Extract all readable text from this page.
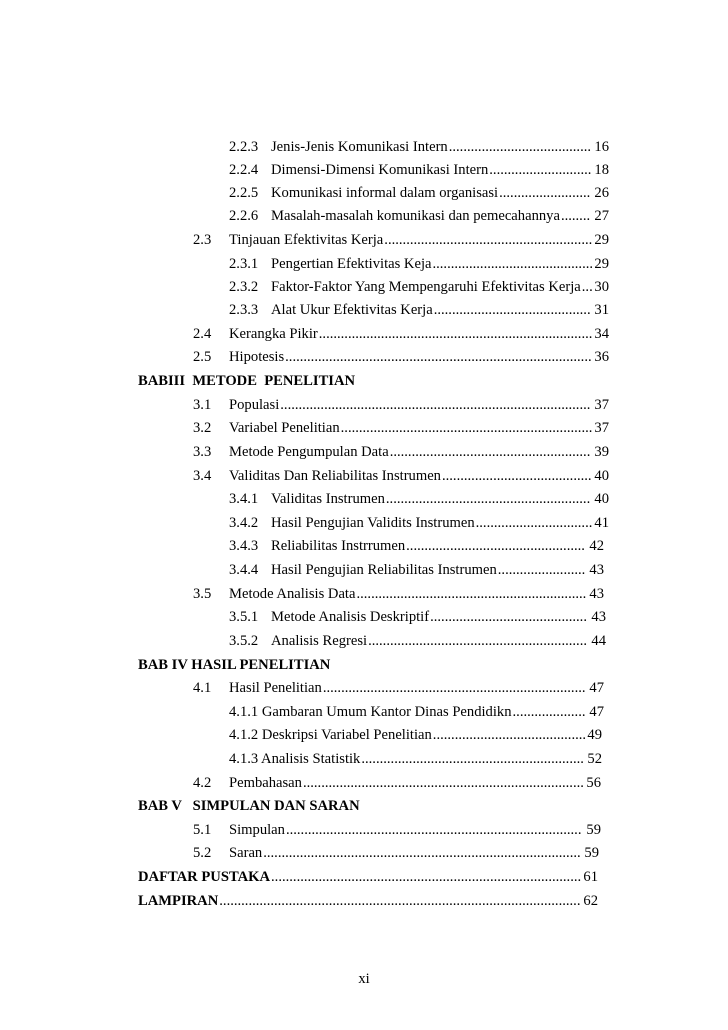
2.2.3 Jenis-Jenis Komunikasi Intern	16
.......................................
2.2.4 Dimensi-Dimensi Komunikasi Intern	18
............................
2.2.5 Komunikasi informal dalam organisasi	26
.........................
2.2.6 Masalah-masalah komunikasi dan pemecahannya 27
........
2.3 Tinjauan Efektivitas Kerja	29
.........................................................
2.3.1 Pengertian Efektivitas Keja	29
............................................
2.3.2 Faktor-Faktor Yang Mempengaruhi Efektivitas Kerja 30
...
2.3.3 Alat Ukur Efektivitas Kerja	31
...........................................
2.4 Kerangka Pikir	34
...........................................................................
2.5 Hipotesis	36
....................................................................................
BABIII  METODE  PENELITIAN
3.1 Populasi	37
.....................................................................................
3.2 Variabel Penelitian	37
.....................................................................
3.3 Metode Pengumpulan Data	39
.......................................................
3.4 Validitas Dan Reliabilitas Instrumen	40
.........................................
3.4.1 Validitas Instrumen	40
........................................................
3.4.2 Hasil Pengujian Validits Instrumen	41
................................
3.4.3 Reliabilitas Instrrumen	42
.................................................
3.4.4 Hasil Pengujian Reliabilitas Instrumen	43
........................
3.5 Metode Analisis Data	43
...............................................................
3.5.1 Metode Analisis Deskriptif	43
...........................................
3.5.2 Analisis Regresi	44
............................................................
BAB IV HASIL PENELITIAN
4.1 Hasil Penelitian	47
........................................................................
4.1.1 Gambaran Umum Kantor Dinas Pendidikn	47
....................
4.1.2 Deskripsi Variabel Penelitian	49
..........................................
4.1.3 Analisis Statistik	52
.............................................................
4.2 Pembahasan	56
.............................................................................
BAB V   SIMPULAN DAN SARAN
5.1 Simpulan	59
.................................................................................
5.2 Saran	59
.......................................................................................
DAFTAR PUSTAKA	61
.....................................................................................
LAMPIRAN	62
...................................................................................................
xi
